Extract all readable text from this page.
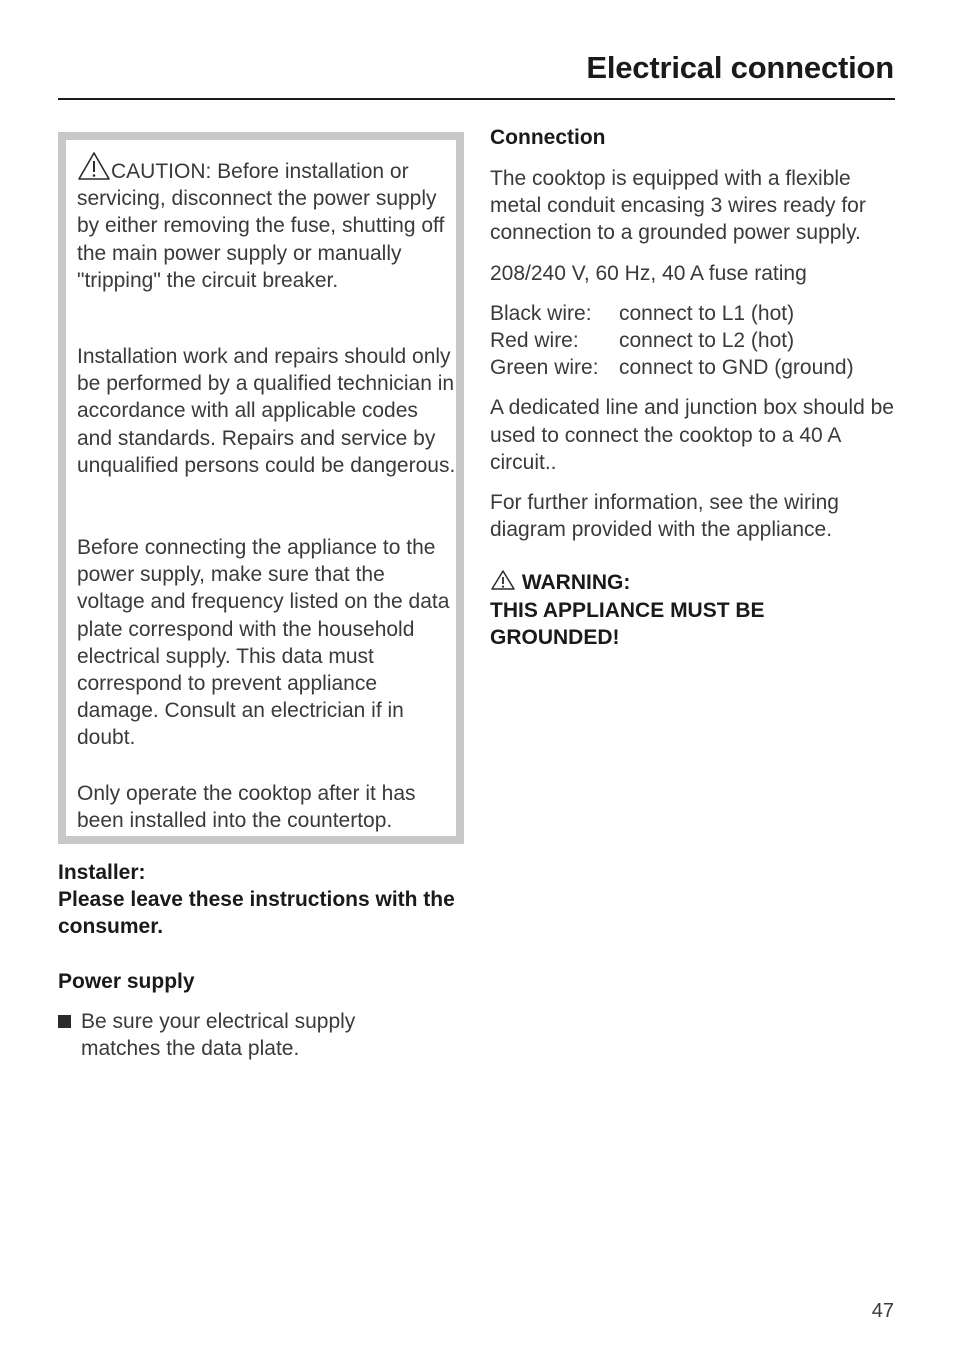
Electrical connection

CAUTION: Before installation or servicing, disconnect the power supply by either removing the fuse, shutting off the main power supply or manually "tripping" the circuit breaker.

Installation work and repairs should only be performed by a qualified technician in accordance with all applicable codes and standards. Repairs and service by unqualified persons could be dangerous.

Before connecting the appliance to the power supply, make sure that the voltage and frequency listed on the data plate correspond with the household electrical supply. This data must correspond to prevent appliance damage. Consult an electrician if in doubt.

Only operate the cooktop after it has been installed into the countertop.

Installer:

Please leave these instructions with the consumer.

Power supply

Be sure your electrical supply matches the data plate.

Connection

The cooktop is equipped with a flexible metal conduit encasing 3 wires ready for connection to a grounded power supply.

208/240 V, 60 Hz, 40 A fuse rating

Black wire:	connect to L1 (hot)
Red wire:	connect to L2 (hot)
Green wire:	connect to GND (ground)

A dedicated line and junction box should be used to connect the cooktop to a 40 A circuit..

For further information, see the wiring diagram provided with the appliance.

WARNING:

THIS APPLIANCE MUST BE GROUNDED!

47
